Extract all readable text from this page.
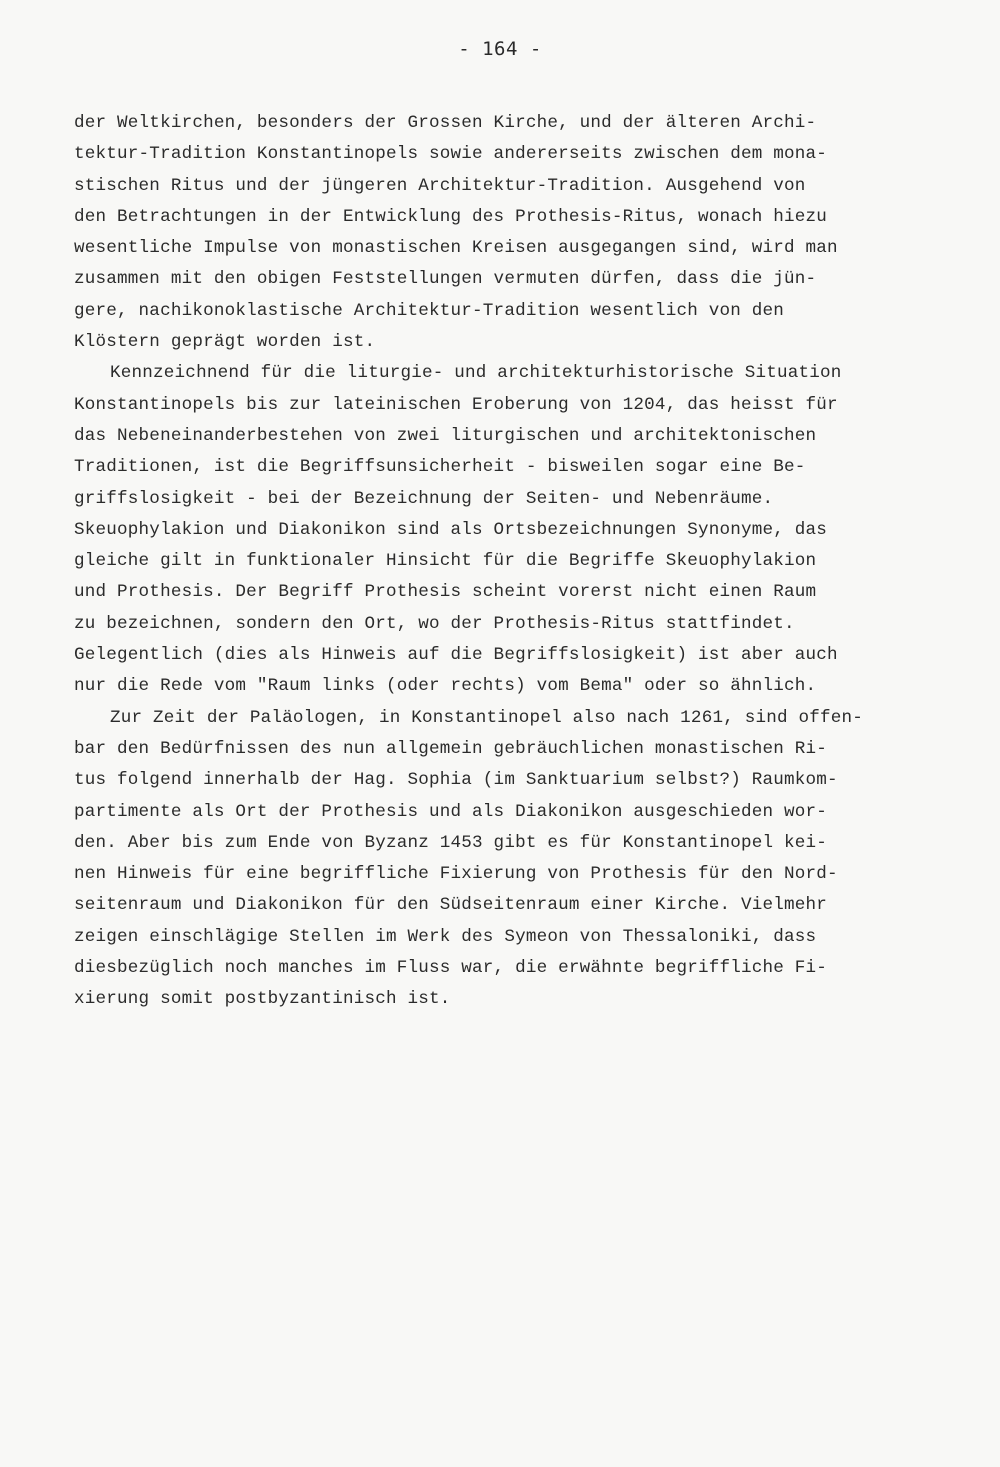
- 164 -
der Weltkirchen, besonders der Grossen Kirche, und der älteren Archi-
tektur-Tradition Konstantinopels sowie andererseits zwischen dem mona-
stischen Ritus und der jüngeren Architektur-Tradition. Ausgehend von
den Betrachtungen in der Entwicklung des Prothesis-Ritus, wonach hiezu
wesentliche Impulse von monastischen Kreisen ausgegangen sind, wird man
zusammen mit den obigen Feststellungen vermuten dürfen, dass die jün-
gere, nachikonoklastische Architektur-Tradition wesentlich von den
Klöstern geprägt worden ist.
Kennzeichnend für die liturgie- und architekturhistorische Situation
Konstantinopels bis zur lateinischen Eroberung von 1204, das heisst für
das Nebeneinanderbestehen von zwei liturgischen und architektonischen
Traditionen, ist die Begriffsunsicherheit - bisweilen sogar eine Be-
griffslosigkeit - bei der Bezeichnung der Seiten- und Nebenräume.
Skeuophylakion und Diakonikon sind als Ortsbezeichnungen Synonyme, das
gleiche gilt in funktionaler Hinsicht für die Begriffe Skeuophylakion
und Prothesis. Der Begriff Prothesis scheint vorerst nicht einen Raum
zu bezeichnen, sondern den Ort, wo der Prothesis-Ritus stattfindet.
Gelegentlich (dies als Hinweis auf die Begriffslosigkeit) ist aber auch
nur die Rede vom "Raum links (oder rechts) vom Bema" oder so ähnlich.
Zur Zeit der Paläologen, in Konstantinopel also nach 1261, sind offen-
bar den Bedürfnissen des nun allgemein gebräuchlichen monastischen Ri-
tus folgend innerhalb der Hag. Sophia (im Sanktuarium selbst?) Raumkom-
partimente als Ort der Prothesis und als Diakonikon ausgeschieden wor-
den. Aber bis zum Ende von Byzanz 1453 gibt es für Konstantinopel kei-
nen Hinweis für eine begriffliche Fixierung von Prothesis für den Nord-
seitenraum und Diakonikon für den Südseitenraum einer Kirche. Vielmehr
zeigen einschlägige Stellen im Werk des Symeon von Thessaloniki, dass
diesbezüglich noch manches im Fluss war, die erwähnte begriffliche Fi-
xierung somit postbyzantinisch ist.
